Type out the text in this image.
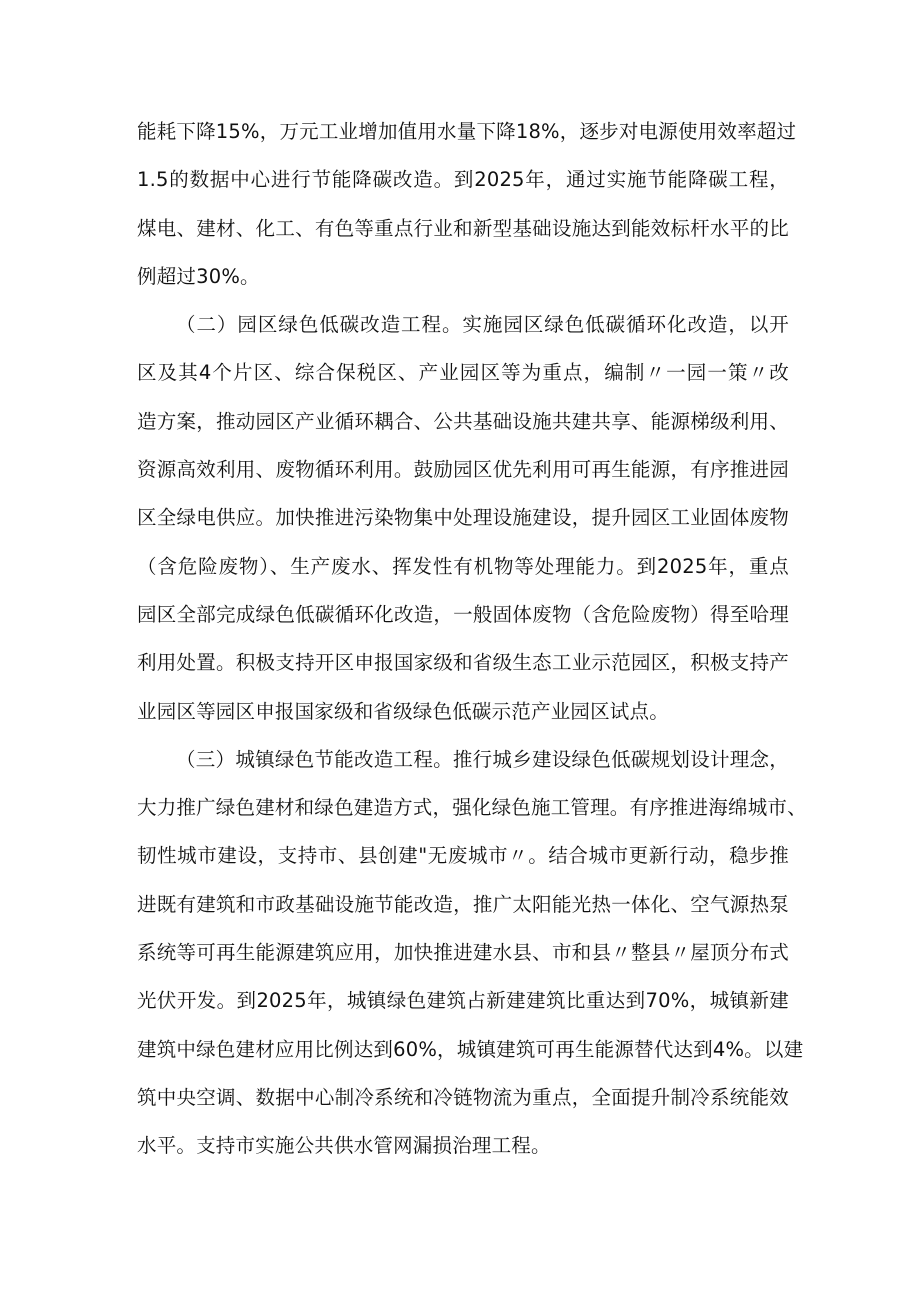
能耗下降15%，万元工业增加值用水量下降18%，逐步对电源使用效率超过
1.5的数据中心进行节能降碳改造。到2025年，通过实施节能降碳工程，
煤电、建材、化工、有色等重点行业和新型基础设施达到能效标杆水平的比
例超过30%。
（二）园区绿色低碳改造工程。实施园区绿色低碳循环化改造，以开
区及其4个片区、综合保税区、产业园区等为重点，编制〃一园一策〃改
造方案，推动园区产业循环耦合、公共基础设施共建共享、能源梯级利用、
资源高效利用、废物循环利用。鼓励园区优先利用可再生能源，有序推进园
区全绿电供应。加快推进污染物集中处理设施建设，提升园区工业固体废物
（含危险废物）、生产废水、挥发性有机物等处理能力。到2025年，重点
园区全部完成绿色低碳循环化改造，一般固体废物（含危险废物）得至哈理
利用处置。积极支持开区申报国家级和省级生态工业示范园区，积极支持产
业园区等园区申报国家级和省级绿色低碳示范产业园区试点。
（三）城镇绿色节能改造工程。推行城乡建设绿色低碳规划设计理念，
大力推广绿色建材和绿色建造方式，强化绿色施工管理。有序推进海绵城市、
韧性城市建设，支持市、县创建"无废城市〃。结合城市更新行动，稳步推
进既有建筑和市政基础设施节能改造，推广太阳能光热一体化、空气源热泵
系统等可再生能源建筑应用，加快推进建水县、市和县〃整县〃屋顶分布式
光伏开发。到2025年，城镇绿色建筑占新建建筑比重达到70%，城镇新建
建筑中绿色建材应用比例达到60%，城镇建筑可再生能源替代达到4%。以建
筑中央空调、数据中心制冷系统和冷链物流为重点，全面提升制冷系统能效
水平。支持市实施公共供水管网漏损治理工程。
